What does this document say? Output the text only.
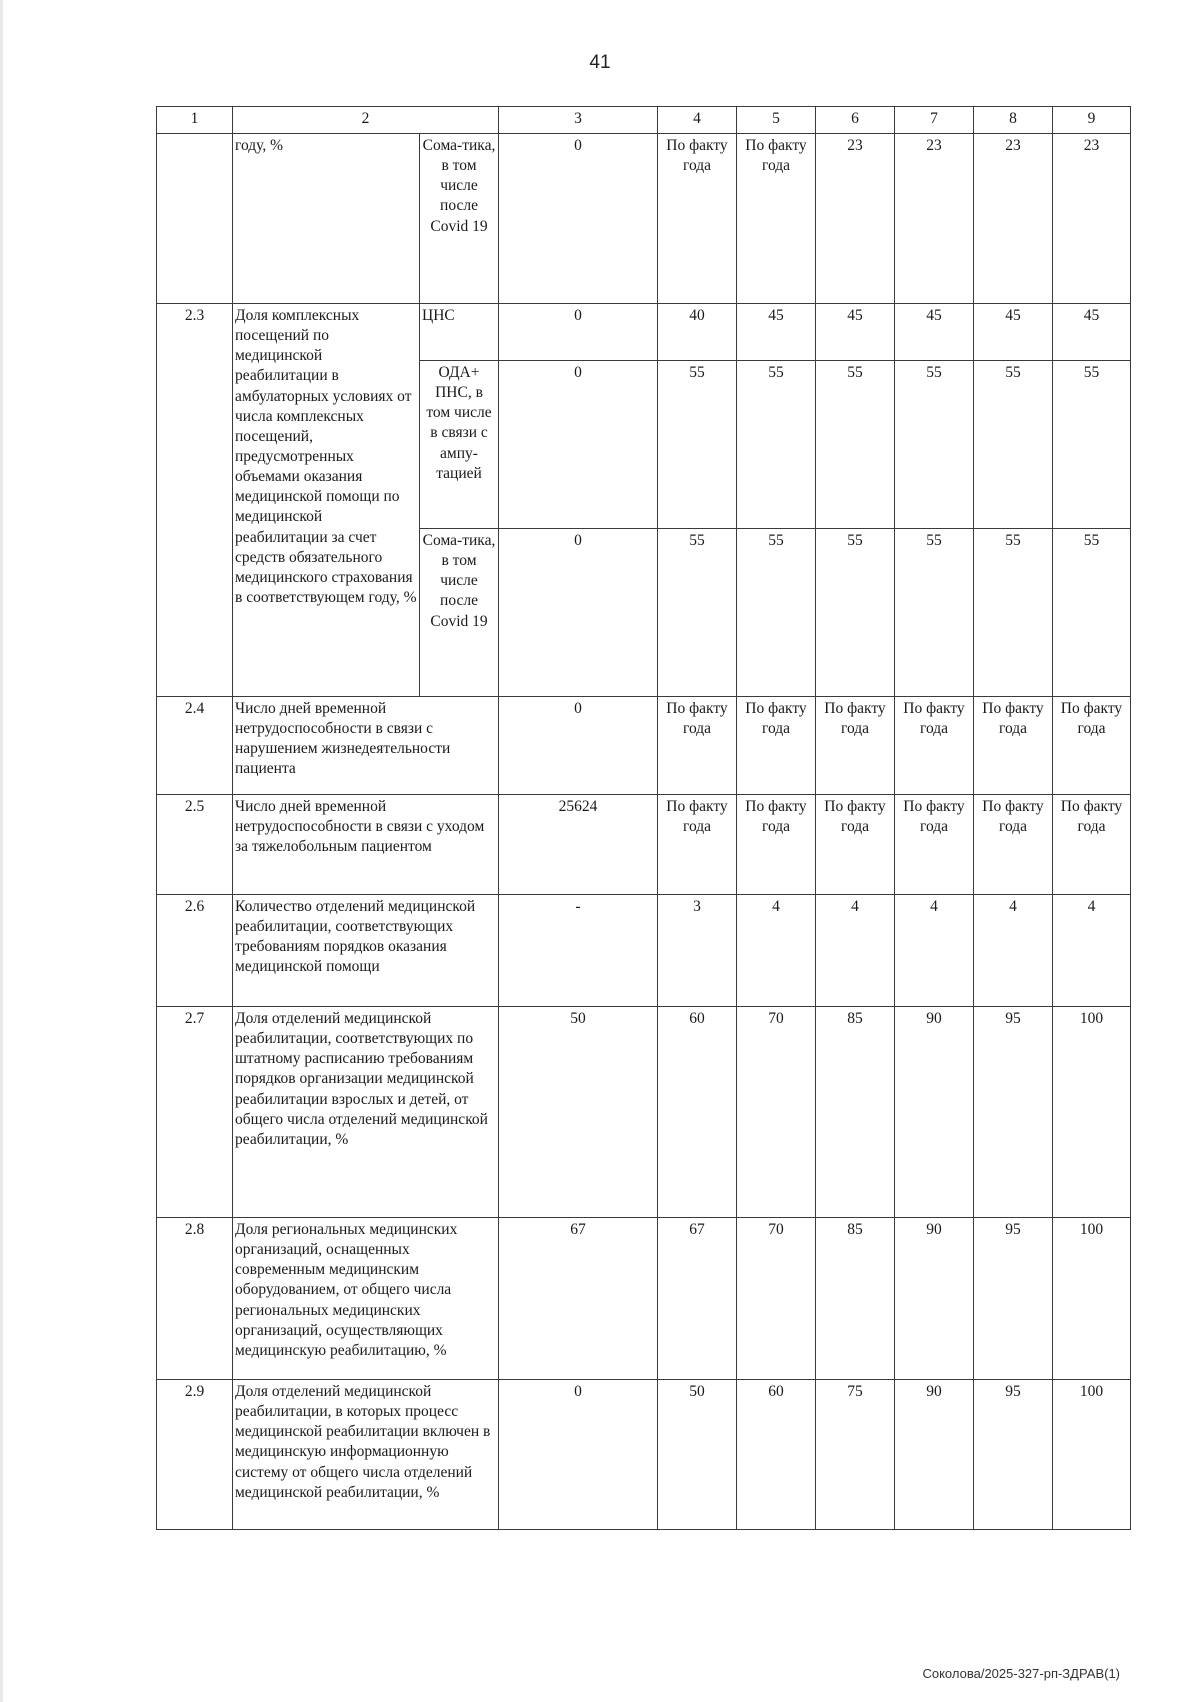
41
1	2		3	4	5	6	7	8	9
	году, %	Сома-тика, в том числе после Covid 19	0	По факту года	По факту года	23	23	23	23
2.3	Доля комплексных посещений по медицинской реабилитации в амбулаторных условиях от числа комплексных посещений, предусмотренных объемами оказания медицинской помощи по медицинской реабилитации за счет средств обязательного медицинского страхования в соответствующем году, %	ЦНС	0	40	45	45	45	45	45
		ОДА+ ПНС, в том числе в связи с ампу-тацией	0	55	55	55	55	55	55
		Сома-тика, в том числе после Covid 19	0	55	55	55	55	55	55
2.4	Число дней временной нетрудоспособности в связи с нарушением жизнедеятельности пациента		0	По факту года	По факту года	По факту года	По факту года	По факту года	По факту года
2.5	Число дней временной нетрудоспособности в связи с уходом за тяжелобольным пациентом		25624	По факту года	По факту года	По факту года	По факту года	По факту года	По факту года
2.6	Количество отделений медицинской реабилитации, соответствующих требованиям порядков оказания медицинской помощи		-	3	4	4	4	4	4
2.7	Доля отделений медицинской реабилитации, соответствующих по штатному расписанию требованиям порядков организации медицинской реабилитации взрослых и детей, от общего числа отделений медицинской реабилитации, %		50	60	70	85	90	95	100
2.8	Доля региональных медицинских организаций, оснащенных современным медицинским оборудованием, от общего числа региональных медицинских организаций, осуществляющих медицинскую реабилитацию, %		67	67	70	85	90	95	100
2.9	Доля отделений медицинской реабилитации, в которых процесс медицинской реабилитации включен в медицинскую информационную систему от общего числа отделений медицинской реабилитации, %		0	50	60	75	90	95	100
Соколова/2025-327-рп-ЗДРАВ(1)
